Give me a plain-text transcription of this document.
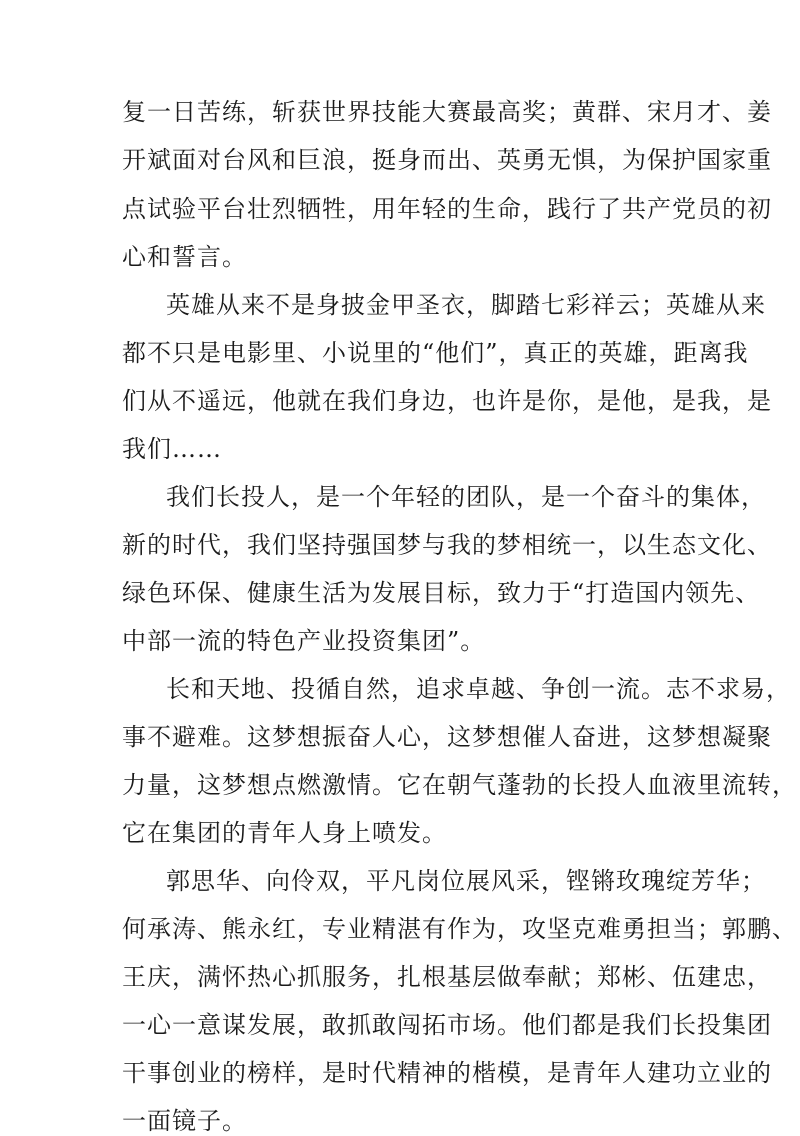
复一日苦练，斩获世界技能大赛最高奖；黄群、宋月才、姜
开斌面对台风和巨浪，挺身而出、英勇无惧，为保护国家重
点试验平台壮烈牺牲，用年轻的生命，践行了共产党员的初
心和誓言。
英雄从来不是身披金甲圣衣，脚踏七彩祥云；英雄从来
都不只是电影里、小说里的“他们”，真正的英雄，距离我
们从不遥远，他就在我们身边，也许是你，是他，是我，是
我们……
我们长投人，是一个年轻的团队，是一个奋斗的集体，
新的时代，我们坚持强国梦与我的梦相统一，以生态文化、
绿色环保、健康生活为发展目标，致力于“打造国内领先、
中部一流的特色产业投资集团”。
长和天地、投循自然，追求卓越、争创一流。志不求易，
事不避难。这梦想振奋人心，这梦想催人奋进，这梦想凝聚
力量，这梦想点燃激情。它在朝气蓬勃的长投人血液里流转，
它在集团的青年人身上喷发。
郭思华、向伶双，平凡岗位展风采，铿锵玫瑰绽芳华；
何承涛、熊永红，专业精湛有作为，攻坚克难勇担当；郭鹏、
王庆，满怀热心抓服务，扎根基层做奉献；郑彬、伍建忠，
一心一意谋发展，敢抓敢闯拓市场。他们都是我们长投集团
干事创业的榜样，是时代精神的楷模，是青年人建功立业的
一面镜子。
